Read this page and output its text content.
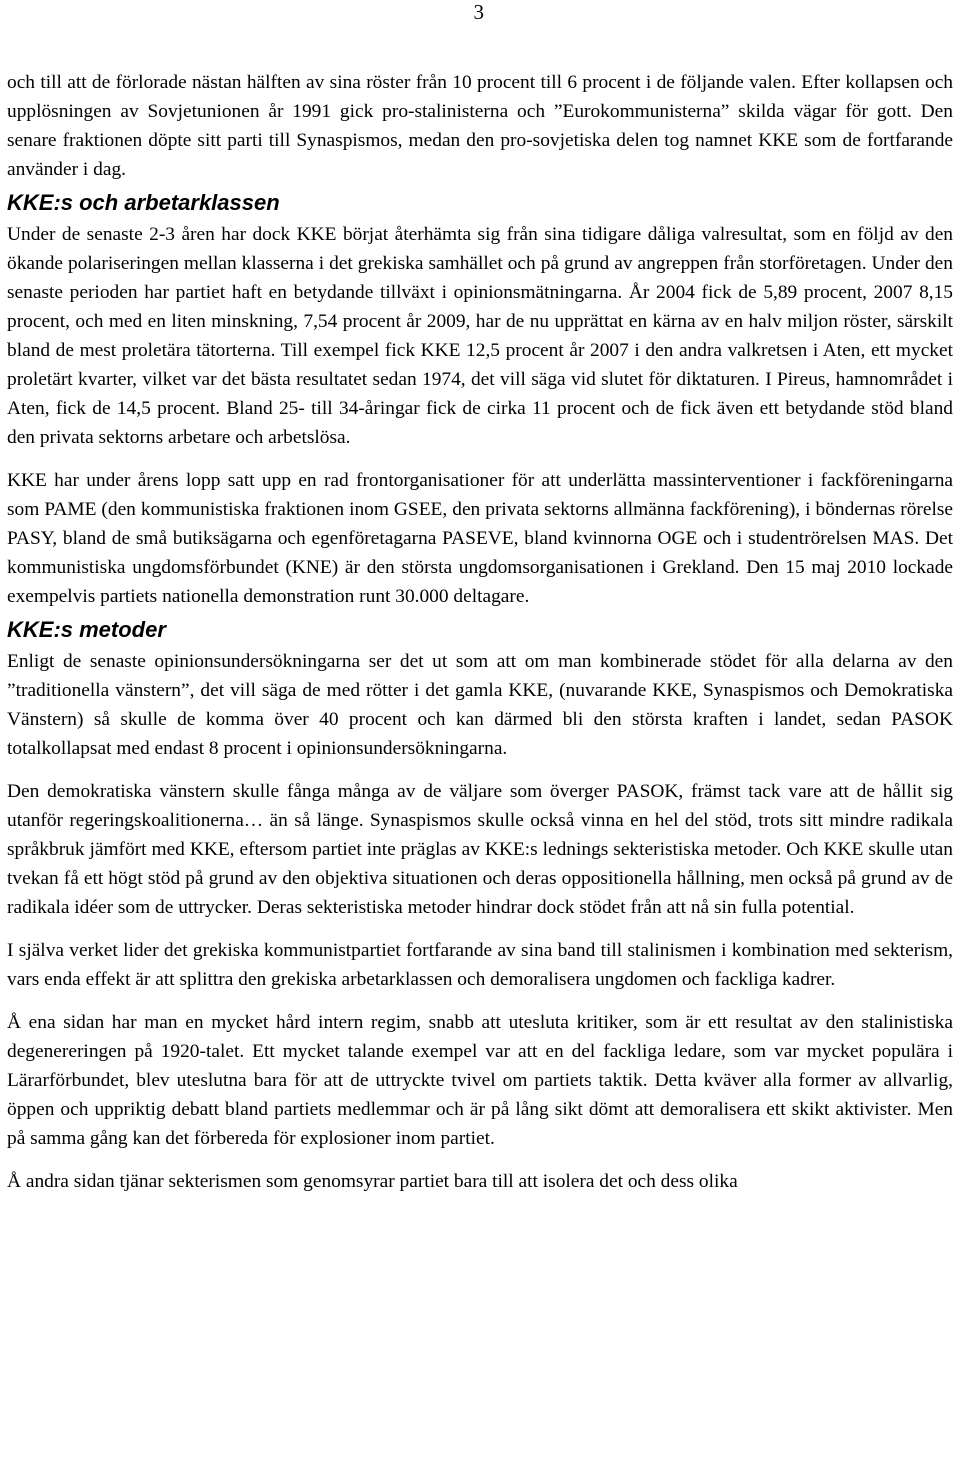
3

och till att de förlorade nästan hälften av sina röster från 10 procent till 6 procent i de följande valen. Efter kollapsen och upplösningen av Sovjetunionen år 1991 gick pro-stalinisterna och ”Eurokommunisterna” skilda vägar för gott. Den senare fraktionen döpte sitt parti till Synaspismos, medan den pro-sovjetiska delen tog namnet KKE som de fortfarande använder i dag.

KKE:s och arbetarklassen

Under de senaste 2-3 åren har dock KKE börjat återhämta sig från sina tidigare dåliga valresultat, som en följd av den ökande polariseringen mellan klasserna i det grekiska samhället och på grund av angreppen från storföretagen. Under den senaste perioden har partiet haft en betydande tillväxt i opinionsmätningarna. År 2004 fick de 5,89 procent, 2007 8,15 procent, och med en liten minskning, 7,54 procent år 2009, har de nu upprättat en kärna av en halv miljon röster, särskilt bland de mest proletära tätorterna. Till exempel fick KKE 12,5 procent år 2007 i den andra valkretsen i Aten, ett mycket proletärt kvarter, vilket var det bästa resultatet sedan 1974, det vill säga vid slutet för diktaturen. I Pireus, hamnområdet i Aten, fick de 14,5 procent. Bland 25- till 34-åringar fick de cirka 11 procent och de fick även ett betydande stöd bland den privata sektorns arbetare och arbetslösa.

KKE har under årens lopp satt upp en rad frontorganisationer för att underlätta massinterventioner i fackföreningarna som PAME (den kommunistiska fraktionen inom GSEE, den privata sektorns allmänna fackförening), i böndernas rörelse PASY, bland de små butiksägarna och egenföretagarna PASEVE, bland kvinnorna OGE och i studentrörelsen MAS. Det kommunistiska ungdomsförbundet (KNE) är den största ungdomsorganisationen i Grekland. Den 15 maj 2010 lockade exempelvis partiets nationella demonstration runt 30.000 deltagare.

KKE:s metoder

Enligt de senaste opinionsundersökningarna ser det ut som att om man kombinerade stödet för alla delarna av den ”traditionella vänstern”, det vill säga de med rötter i det gamla KKE, (nuvarande KKE, Synaspismos och Demokratiska Vänstern) så skulle de komma över 40 procent och kan därmed bli den största kraften i landet, sedan PASOK totalkollapsat med endast 8 procent i opinionsundersökningarna.

Den demokratiska vänstern skulle fånga många av de väljare som överger PASOK, främst tack vare att de hållit sig utanför regeringskoalitionerna… än så länge. Synaspismos skulle också vinna en hel del stöd, trots sitt mindre radikala språkbruk jämfört med KKE, eftersom partiet inte präglas av KKE:s lednings sekteristiska metoder. Och KKE skulle utan tvekan få ett högt stöd på grund av den objektiva situationen och deras oppositionella hållning, men också på grund av de radikala idéer som de uttrycker. Deras sekteristiska metoder hindrar dock stödet från att nå sin fulla potential.

I själva verket lider det grekiska kommunistpartiet fortfarande av sina band till stalinismen i kombination med sekterism, vars enda effekt är att splittra den grekiska arbetarklassen och demoralisera ungdomen och fackliga kadrer.

Å ena sidan har man en mycket hård intern regim, snabb att utesluta kritiker, som är ett resultat av den stalinistiska degenereringen på 1920-talet. Ett mycket talande exempel var att en del fackliga ledare, som var mycket populära i Lärarförbundet, blev uteslutna bara för att de uttryckte tvivel om partiets taktik. Detta kväver alla former av allvarlig, öppen och uppriktig debatt bland partiets medlemmar och är på lång sikt dömt att demoralisera ett skikt aktivister. Men på samma gång kan det förbereda för explosioner inom partiet.

Å andra sidan tjänar sekterismen som genomsyrar partiet bara till att isolera det och dess olika
